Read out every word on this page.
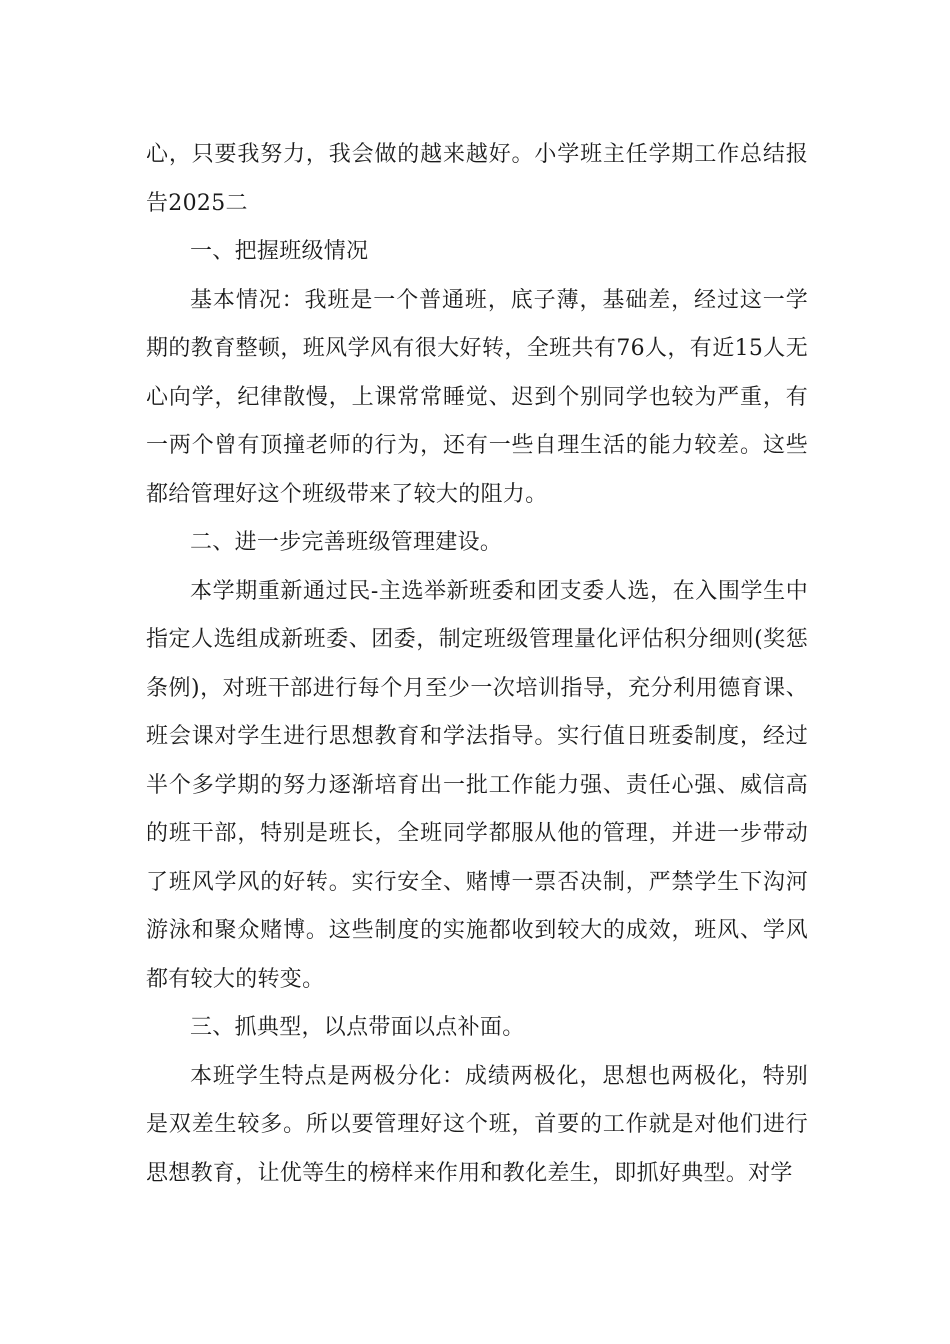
心，只要我努力，我会做的越来越好。小学班主任学期工作总结报告2025二

一、把握班级情况

基本情况：我班是一个普通班，底子薄，基础差，经过这一学期的教育整顿，班风学风有很大好转，全班共有76人，有近15人无心向学，纪律散慢，上课常常睡觉、迟到个别同学也较为严重，有一两个曾有顶撞老师的行为，还有一些自理生活的能力较差。这些都给管理好这个班级带来了较大的阻力。

二、进一步完善班级管理建设。

本学期重新通过民-主选举新班委和团支委人选，在入围学生中指定人选组成新班委、团委，制定班级管理量化评估积分细则(奖惩条例)，对班干部进行每个月至少一次培训指导，充分利用德育课、班会课对学生进行思想教育和学法指导。实行值日班委制度，经过半个多学期的努力逐渐培育出一批工作能力强、责任心强、威信高的班干部，特别是班长，全班同学都服从他的管理，并进一步带动了班风学风的好转。实行安全、赌博一票否决制，严禁学生下沟河游泳和聚众赌博。这些制度的实施都收到较大的成效，班风、学风都有较大的转变。

三、抓典型，以点带面以点补面。

本班学生特点是两极分化：成绩两极化，思想也两极化，特别是双差生较多。所以要管理好这个班，首要的工作就是对他们进行思想教育，让优等生的榜样来作用和教化差生，即抓好典型。对学
